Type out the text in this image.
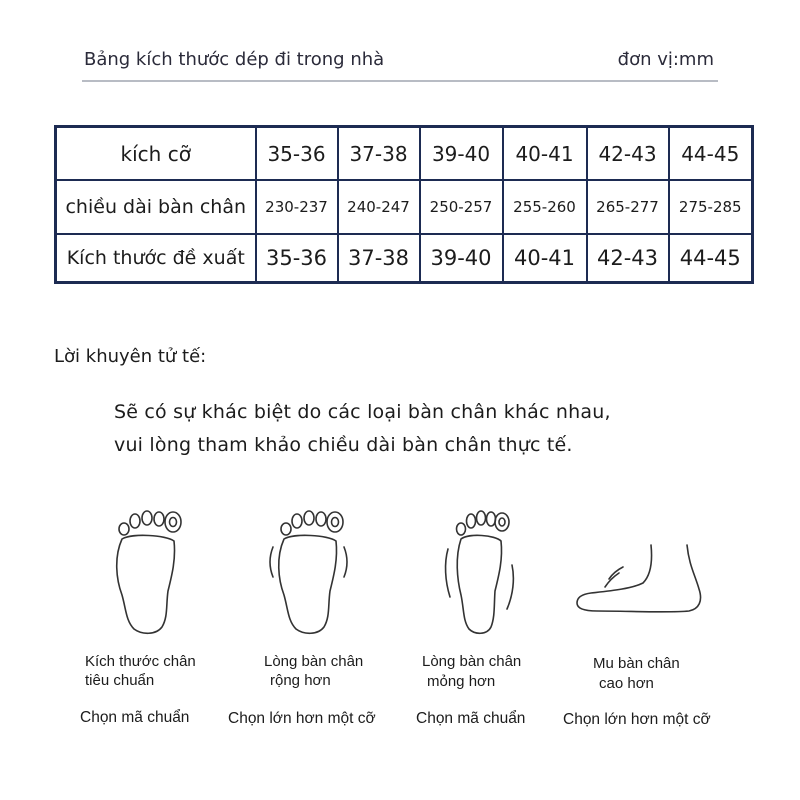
Bảng kích thước dép đi trong nhà	đơn vị:mm
kích cỡ	35-36	37-38	39-40	40-41	42-43	44-45
chiều dài bàn chân	230-237	240-247	250-257	255-260	265-277	275-285
Kích thước đề xuất	35-36	37-38	39-40	40-41	42-43	44-45
Lời khuyên tử tế:
Sẽ có sự khác biệt do các loại bàn chân khác nhau,
vui lòng tham khảo chiều dài bàn chân thực tế.
Kích thước chân
tiêu chuẩn
Chọn mã chuẩn
Lòng bàn chân
rộng hơn
Chọn lớn hơn một cỡ
Lòng bàn chân
mỏng hơn
Chọn mã chuẩn
Mu bàn chân
cao hơn
Chọn lớn hơn một cỡ
